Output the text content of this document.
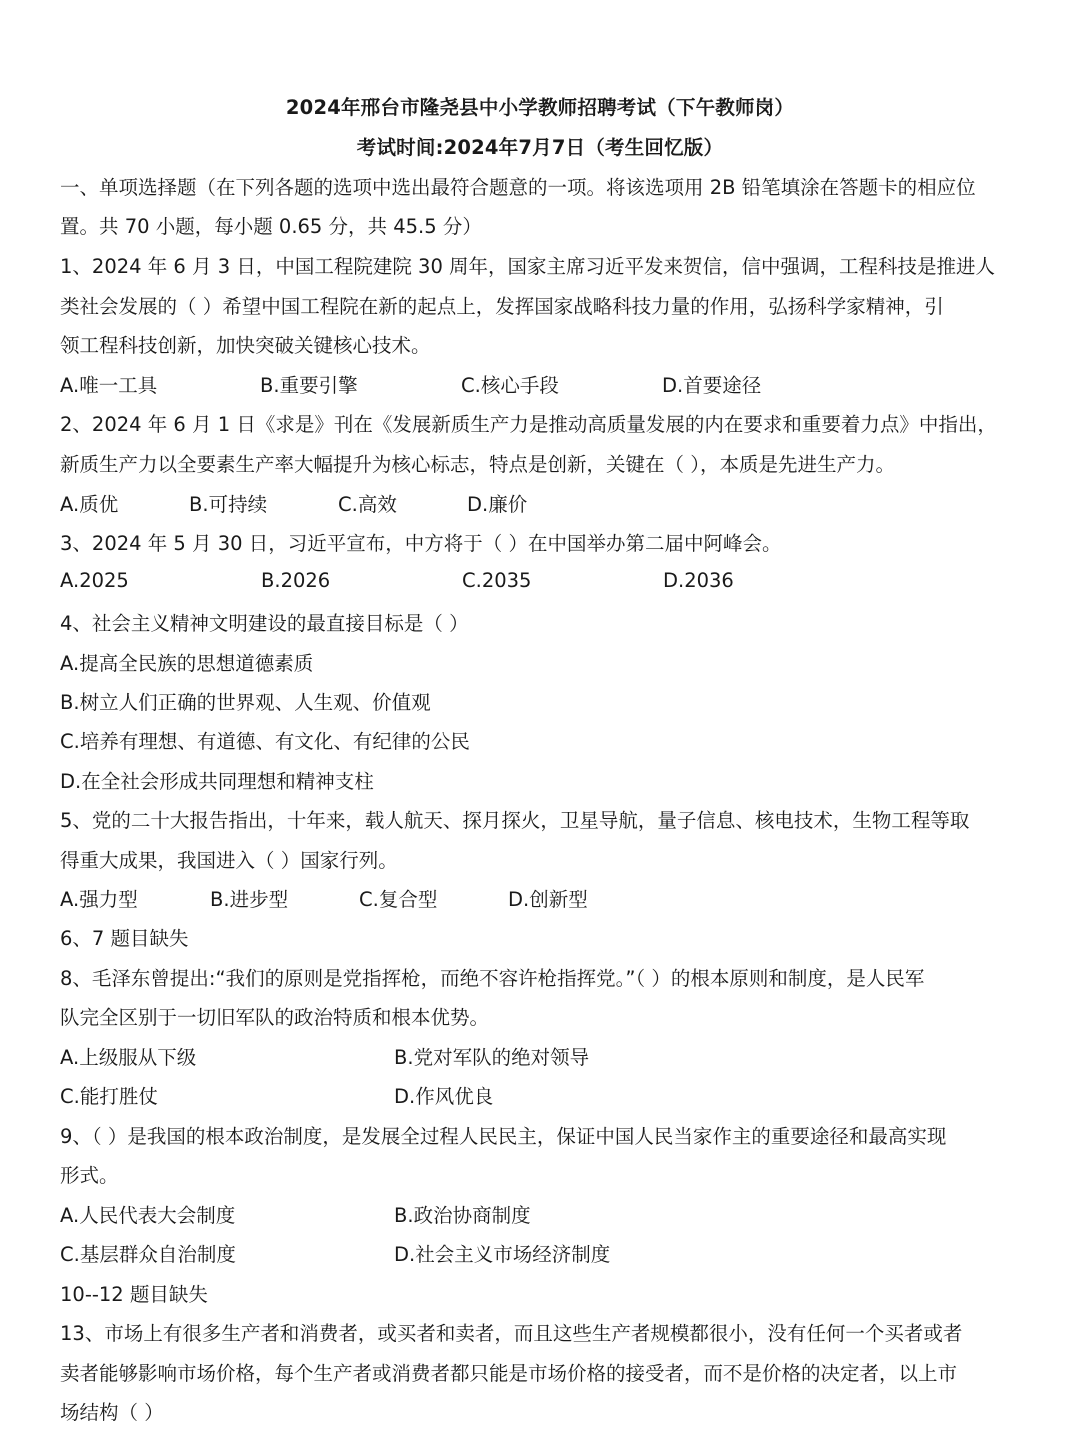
2024年邢台市隆尧县中小学教师招聘考试（下午教师岗）
考试时间:2024年7月7日（考生回忆版）
一、单项选择题（在下列各题的选项中选出最符合题意的一项。将该选项用 2B 铅笔填涂在答题卡的相应位
置。共 70 小题，每小题 0.65 分，共 45.5 分）
1、2024 年 6 月 3 日，中国工程院建院 30 周年，国家主席习近平发来贺信，信中强调，工程科技是推进人
类社会发展的（ ）希望中国工程院在新的起点上，发挥国家战略科技力量的作用，弘扬科学家精神，引
领工程科技创新，加快突破关键核心技术。
A.唯一工具	B.重要引擎	C.核心手段	D.首要途径
2、2024 年 6 月 1 日《求是》刊在《发展新质生产力是推动高质量发展的内在要求和重要着力点》中指出，
新质生产力以全要素生产率大幅提升为核心标志，特点是创新，关键在（ ），本质是先进生产力。
A.质优	B.可持续	C.高效	D.廉价
3、2024 年 5 月 30 日，习近平宣布，中方将于（ ）在中国举办第二届中阿峰会。
A.2025	B.2026	C.2035	D.2036
4、社会主义精神文明建设的最直接目标是（ ）
A.提高全民族的思想道德素质
B.树立人们正确的世界观、人生观、价值观
C.培养有理想、有道德、有文化、有纪律的公民
D.在全社会形成共同理想和精神支柱
5、党的二十大报告指出，十年来，载人航天、探月探火，卫星导航，量子信息、核电技术，生物工程等取
得重大成果，我国进入（ ）国家行列。
A.强力型	B.进步型	C.复合型	D.创新型
6、7 题目缺失
8、毛泽东曾提出:“我们的原则是党指挥枪，而绝不容许枪指挥党。”（ ）的根本原则和制度，是人民军
队完全区别于一切旧军队的政治特质和根本优势。
A.上级服从下级	B.党对军队的绝对领导
C.能打胜仗	D.作风优良
9、（ ）是我国的根本政治制度，是发展全过程人民民主，保证中国人民当家作主的重要途径和最高实现
形式。
A.人民代表大会制度	B.政治协商制度
C.基层群众自治制度	D.社会主义市场经济制度
10--12 题目缺失
13、市场上有很多生产者和消费者，或买者和卖者，而且这些生产者规模都很小，没有任何一个买者或者
卖者能够影响市场价格，每个生产者或消费者都只能是市场价格的接受者，而不是价格的决定者，以上市
场结构（ ）
